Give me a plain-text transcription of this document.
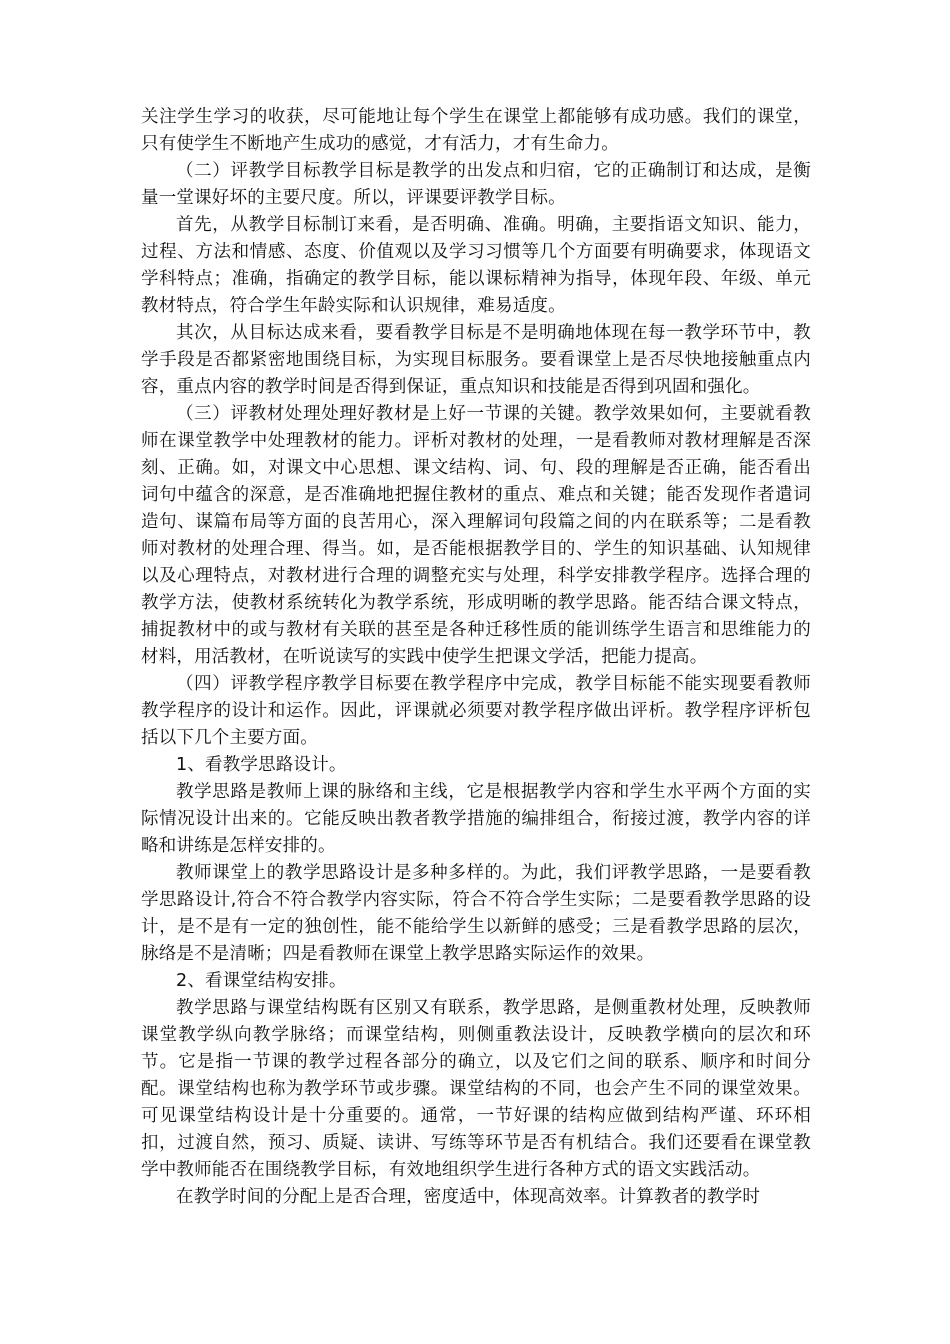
关注学生学习的收获，尽可能地让每个学生在课堂上都能够有成功感。我们的课堂，只有使学生不断地产生成功的感觉，才有活力，才有生命力。

（二）评教学目标教学目标是教学的出发点和归宿，它的正确制订和达成，是衡量一堂课好坏的主要尺度。所以，评课要评教学目标。

首先，从教学目标制订来看，是否明确、准确。明确，主要指语文知识、能力，过程、方法和情感、态度、价值观以及学习习惯等几个方面要有明确要求，体现语文学科特点；准确，指确定的教学目标，能以课标精神为指导，体现年段、年级、单元教材特点，符合学生年龄实际和认识规律，难易适度。

其次，从目标达成来看，要看教学目标是不是明确地体现在每一教学环节中，教学手段是否都紧密地围绕目标，为实现目标服务。要看课堂上是否尽快地接触重点内容，重点内容的教学时间是否得到保证，重点知识和技能是否得到巩固和强化。

（三）评教材处理处理好教材是上好一节课的关键。教学效果如何，主要就看教师在课堂教学中处理教材的能力。评析对教材的处理，一是看教师对教材理解是否深刻、正确。如，对课文中心思想、课文结构、词、句、段的理解是否正确，能否看出词句中蕴含的深意，是否准确地把握住教材的重点、难点和关键；能否发现作者遣词造句、谋篇布局等方面的良苦用心，深入理解词句段篇之间的内在联系等；二是看教师对教材的处理合理、得当。如，是否能根据教学目的、学生的知识基础、认知规律以及心理特点，对教材进行合理的调整充实与处理，科学安排教学程序。选择合理的教学方法，使教材系统转化为教学系统，形成明晰的教学思路。能否结合课文特点，捕捉教材中的或与教材有关联的甚至是各种迁移性质的能训练学生语言和思维能力的材料，用活教材，在听说读写的实践中使学生把课文学活，把能力提高。

（四）评教学程序教学目标要在教学程序中完成，教学目标能不能实现要看教师教学程序的设计和运作。因此，评课就必须要对教学程序做出评析。教学程序评析包括以下几个主要方面。

1、看教学思路设计。

教学思路是教师上课的脉络和主线，它是根据教学内容和学生水平两个方面的实际情况设计出来的。它能反映出教者教学措施的编排组合，衔接过渡，教学内容的详略和讲练是怎样安排的。

教师课堂上的教学思路设计是多种多样的。为此，我们评教学思路，一是要看教学思路设计,符合不符合教学内容实际，符合不符合学生实际；二是要看教学思路的设计，是不是有一定的独创性，能不能给学生以新鲜的感受；三是看教学思路的层次，脉络是不是清晰；四是看教师在课堂上教学思路实际运作的效果。

2、看课堂结构安排。

教学思路与课堂结构既有区别又有联系，教学思路，是侧重教材处理，反映教师课堂教学纵向教学脉络；而课堂结构，则侧重教法设计，反映教学横向的层次和环节。它是指一节课的教学过程各部分的确立，以及它们之间的联系、顺序和时间分配。课堂结构也称为教学环节或步骤。课堂结构的不同，也会产生不同的课堂效果。可见课堂结构设计是十分重要的。通常，一节好课的结构应做到结构严谨、环环相扣，过渡自然，预习、质疑、读讲、写练等环节是否有机结合。我们还要看在课堂教学中教师能否在围绕教学目标，有效地组织学生进行各种方式的语文实践活动。

在教学时间的分配上是否合理，密度适中，体现高效率。计算教者的教学时
